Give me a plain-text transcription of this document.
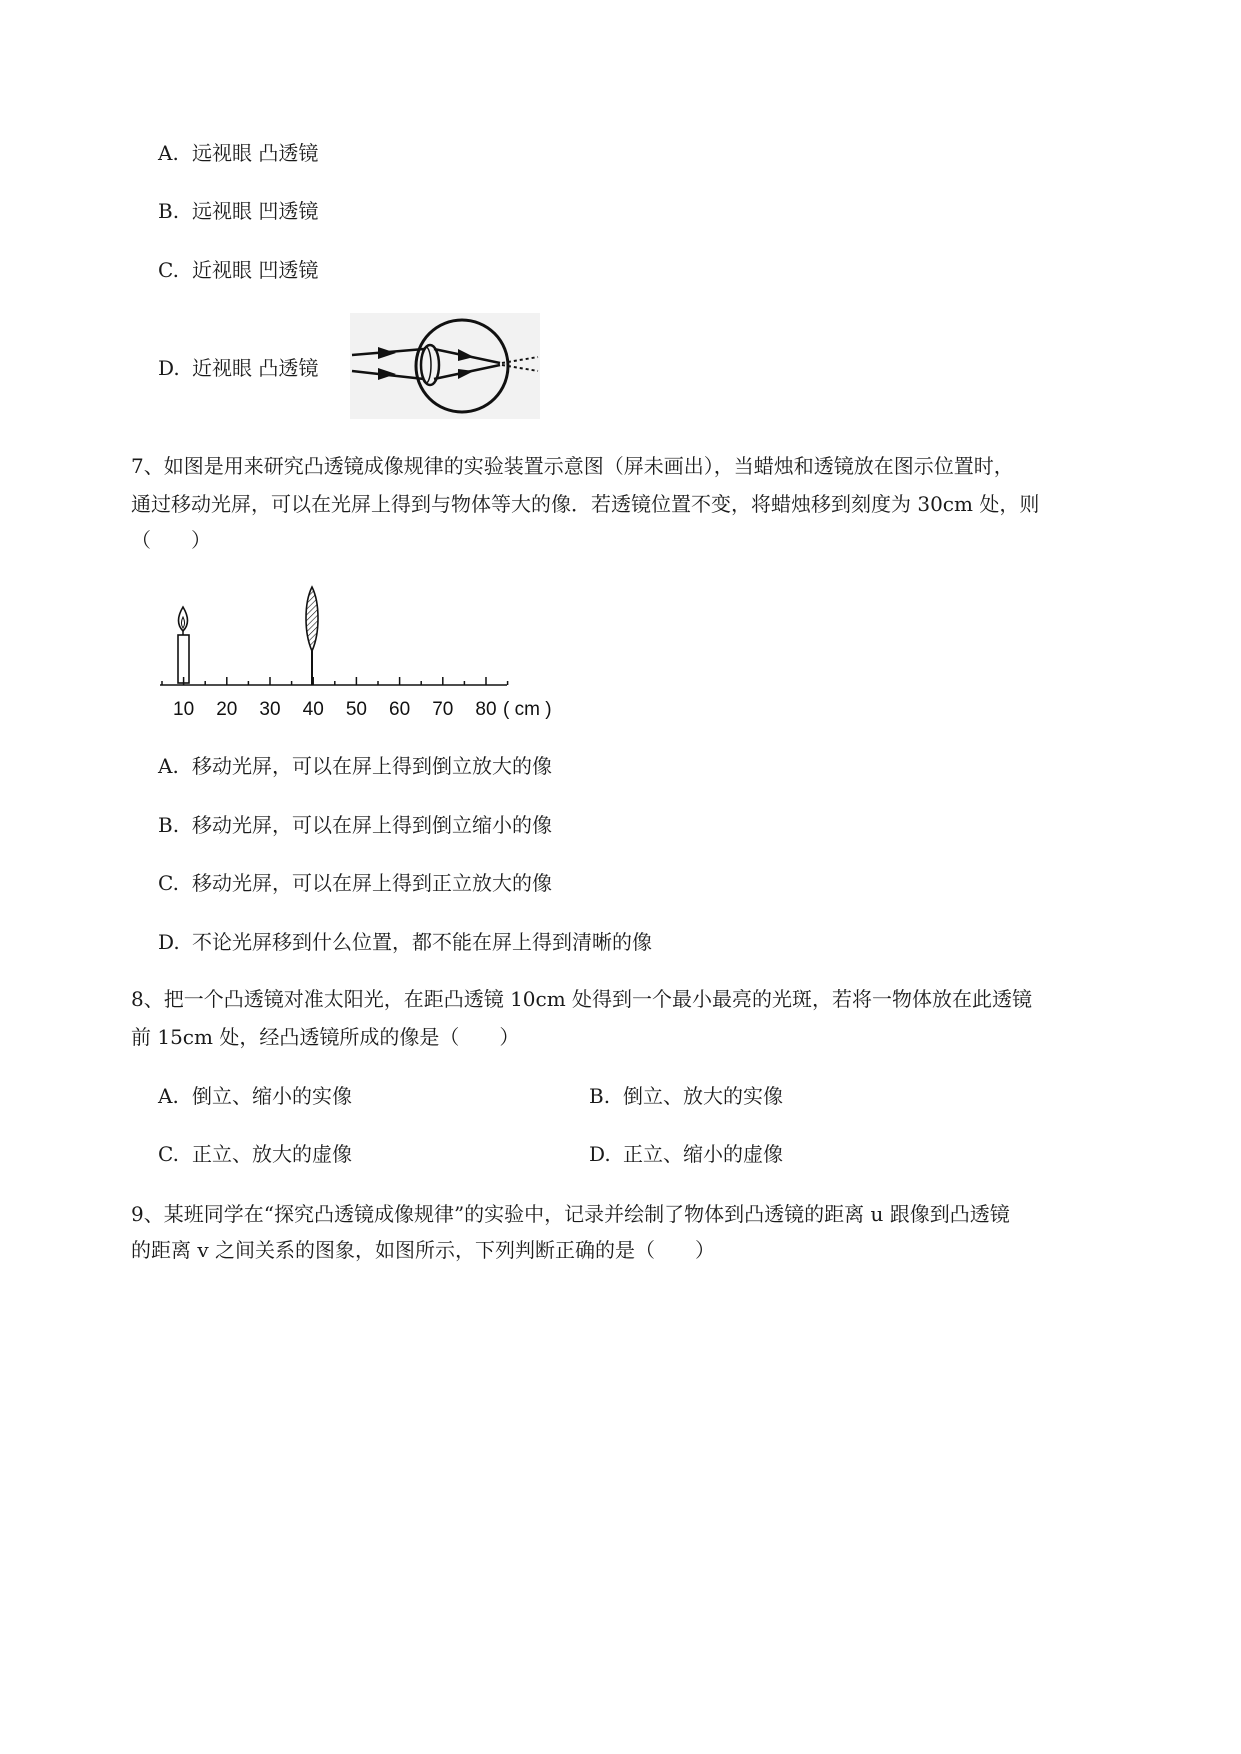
A. 远视眼 凸透镜
B. 远视眼 凹透镜
C. 近视眼 凹透镜
D. 近视眼 凸透镜
7、如图是用来研究凸透镜成像规律的实验装置示意图（屏未画出），当蜡烛和透镜放在图示位置时，
通过移动光屏，可以在光屏上得到与物体等大的像．若透镜位置不变，将蜡烛移到刻度为 30cm 处，则
（　　）
10 20 30 40 50 60 70 80 ( cm )
A. 移动光屏，可以在屏上得到倒立放大的像
B. 移动光屏，可以在屏上得到倒立缩小的像
C. 移动光屏，可以在屏上得到正立放大的像
D. 不论光屏移到什么位置，都不能在屏上得到清晰的像
8、把一个凸透镜对准太阳光，在距凸透镜 10cm 处得到一个最小最亮的光斑，若将一物体放在此透镜
前 15cm 处，经凸透镜所成的像是（　　）
A. 倒立、缩小的实像	B. 倒立、放大的实像
C. 正立、放大的虚像	D. 正立、缩小的虚像
9、某班同学在“探究凸透镜成像规律”的实验中，记录并绘制了物体到凸透镜的距离 u 跟像到凸透镜
的距离 v 之间关系的图象，如图所示，下列判断正确的是（　　）
